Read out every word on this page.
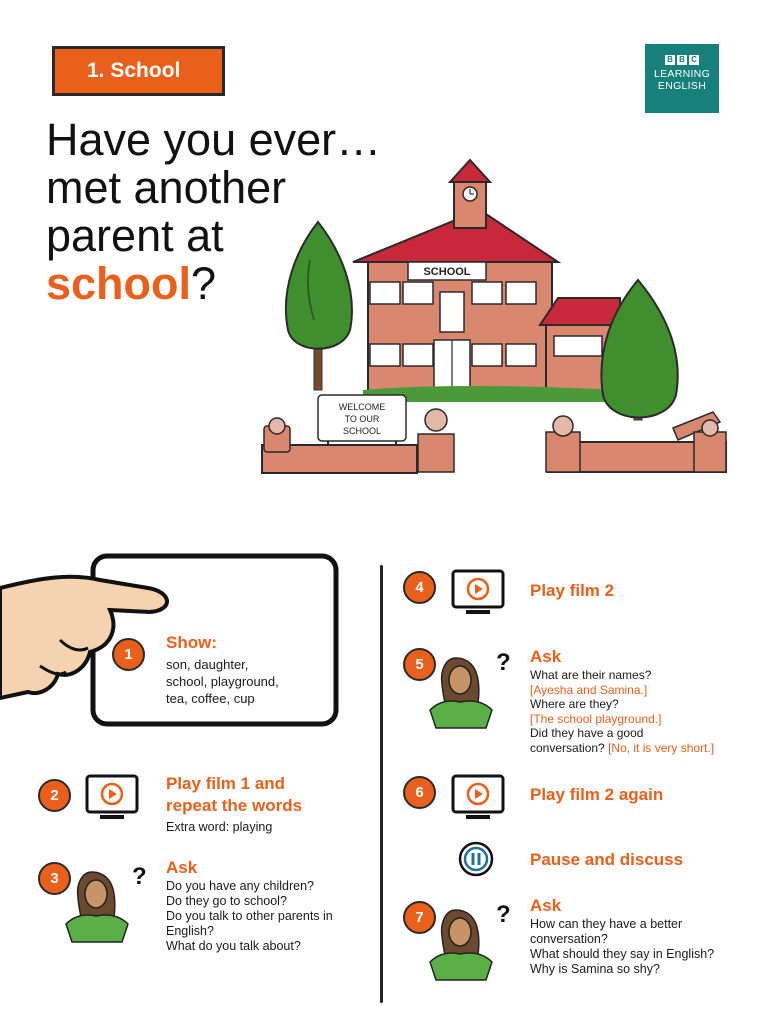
1. School	B B C
LEARNING
ENGLISH
Have you ever…
met another
parent at
school?	SCHOOL
WELCOME
TO OUR
SCHOOL
1
Show:
son, daughter,
school, playground,
tea, coffee, cup
2
Play film 1 and
repeat the words
Extra word: playing
3	? Ask
Do you have any children?
Do they go to school?
Do you talk to other parents in
English?
What do you talk about?
4	Play film 2
5	? Ask
What are their names?
[Ayesha and Samina.]
Where are they?
[The school playground.]
Did they have a good
conversation? [No, it is very short.]
6	Play film 2 again
Pause and discuss
7	? Ask
How can they have a better
conversation?
What should they say in English?
Why is Samina so shy?
